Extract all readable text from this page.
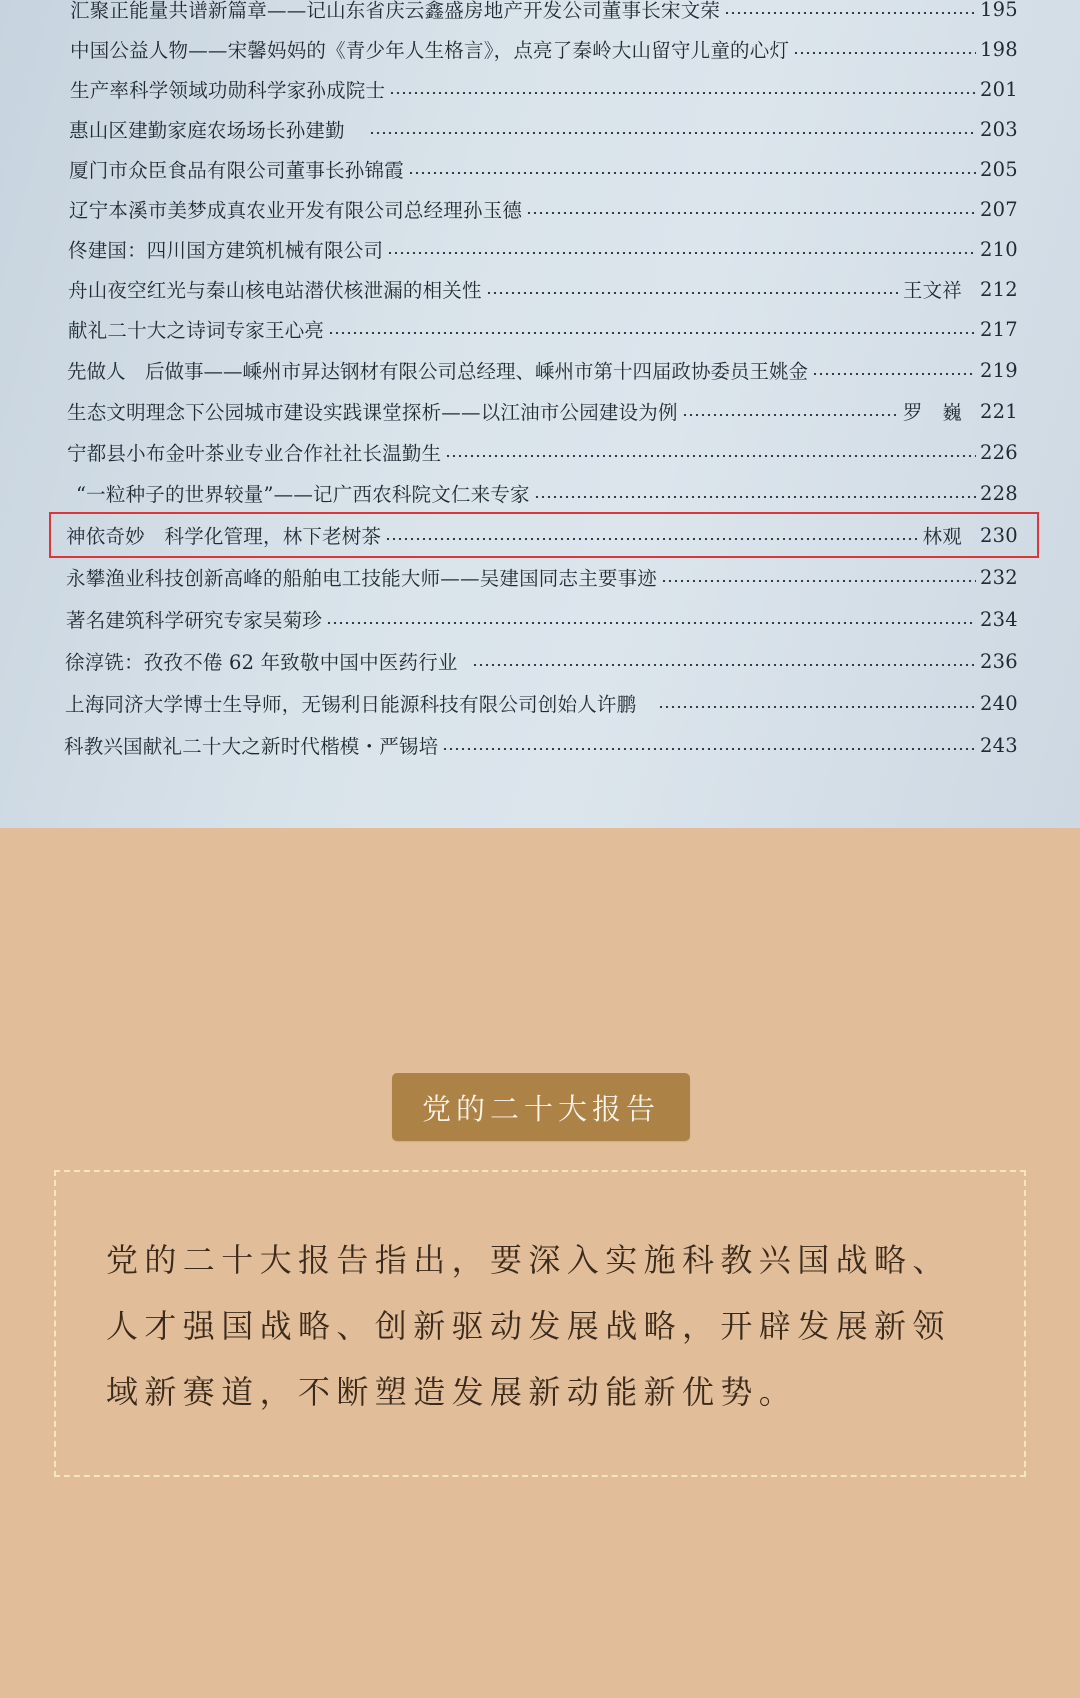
汇聚正能量共谱新篇章——记山东省庆云鑫盛房地产开发公司董事长宋文荣	195
中国公益人物——宋馨妈妈的《青少年人生格言》，点亮了秦岭大山留守儿童的心灯	198
生产率科学领域功勋科学家孙成院士	201
惠山区建勤家庭农场场长孙建勤	203
厦门市众臣食品有限公司董事长孙锦霞	205
辽宁本溪市美梦成真农业开发有限公司总经理孙玉德	207
佟建国：四川国方建筑机械有限公司	210
舟山夜空红光与秦山核电站潜伏核泄漏的相关性	王文祥 212
献礼二十大之诗词专家王心亮	217
先做人　后做事——嵊州市昇达钢材有限公司总经理、嵊州市第十四届政协委员王姚金	219
生态文明理念下公园城市建设实践课堂探析——以江油市公园建设为例	罗　巍 221
宁都县小布金叶茶业专业合作社社长温勤生	226
“一粒种子的世界较量”——记广西农科院文仁来专家	228
神依奇妙　科学化管理，林下老树茶	林观 230
永攀渔业科技创新高峰的船舶电工技能大师——吴建国同志主要事迹	232
著名建筑科学研究专家吴菊珍	234
徐淳铣：孜孜不倦 62 年致敬中国中医药行业	236
上海同济大学博士生导师，无锡利日能源科技有限公司创始人许鹏	240
科教兴国献礼二十大之新时代楷模・严锡培	243
党的二十大报告

党的二十大报告指出，要深入实施科教兴国战略、人才强国战略、创新驱动发展战略，开辟发展新领域新赛道，不断塑造发展新动能新优势。
